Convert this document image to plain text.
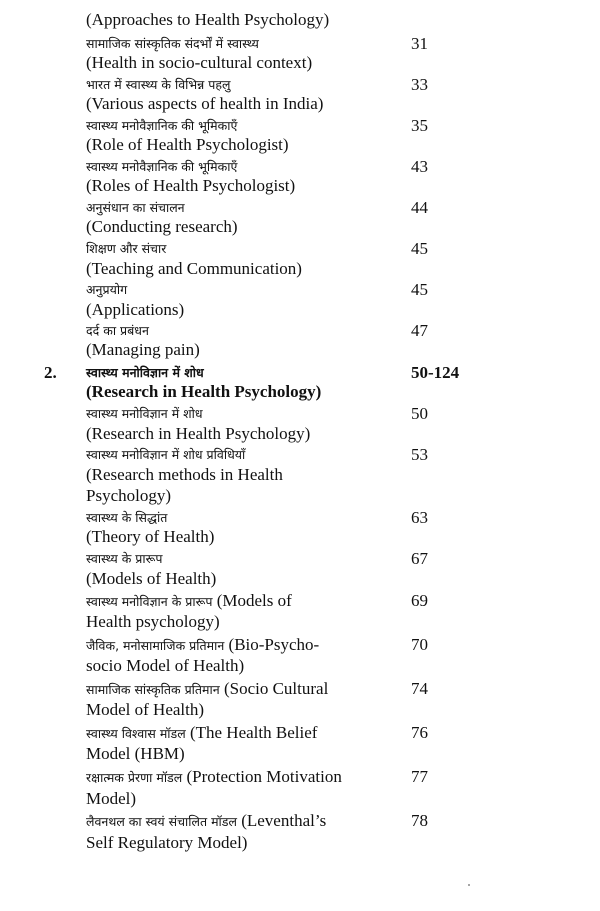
(Approaches to Health Psychology)
सामाजिक सांस्कृतिक संदर्भों में स्वास्थ्य	31
(Health in socio-cultural context)
भारत में स्वास्थ्य के विभिन्न पहलु	33
(Various aspects of health in India)
स्वास्थ्य मनोवैज्ञानिक की भूमिकाएँ	35
(Role of Health Psychologist)
स्वास्थ्य मनोवैज्ञानिक की भूमिकाएँ	43
(Roles of Health Psychologist)
अनुसंधान का संचालन	44
(Conducting research)
शिक्षण और संचार	45
(Teaching and Communication)
अनुप्रयोग	45
(Applications)
दर्द का प्रबंधन	47
(Managing pain)
2. स्वास्थ्य मनोविज्ञान में शोध	50-124
(Research in Health Psychology)
स्वास्थ्य मनोविज्ञान में शोध	50
(Research in Health Psychology)
स्वास्थ्य मनोविज्ञान में शोध प्रविधियाँ	53
(Research methods in Health
Psychology)
स्वास्थ्य के सिद्धांत	63
(Theory of Health)
स्वास्थ्य के प्रारूप	67
(Models of Health)
स्वास्थ्य मनोविज्ञान के प्रारूप (Models of	69
Health psychology)
जैविक, मनोसामाजिक प्रतिमान (Bio-Psycho-	70
socio Model of Health)
सामाजिक सांस्कृतिक प्रतिमान (Socio Cultural	74
Model of Health)
स्वास्थ्य विश्वास मॉडल (The Health Belief	76
Model (HBM)
रक्षात्मक प्रेरणा मॉडल (Protection Motivation	77
Model)
लैवनथल का स्वयं संचालित मॉडल (Leventhal’s	78
Self Regulatory Model)
